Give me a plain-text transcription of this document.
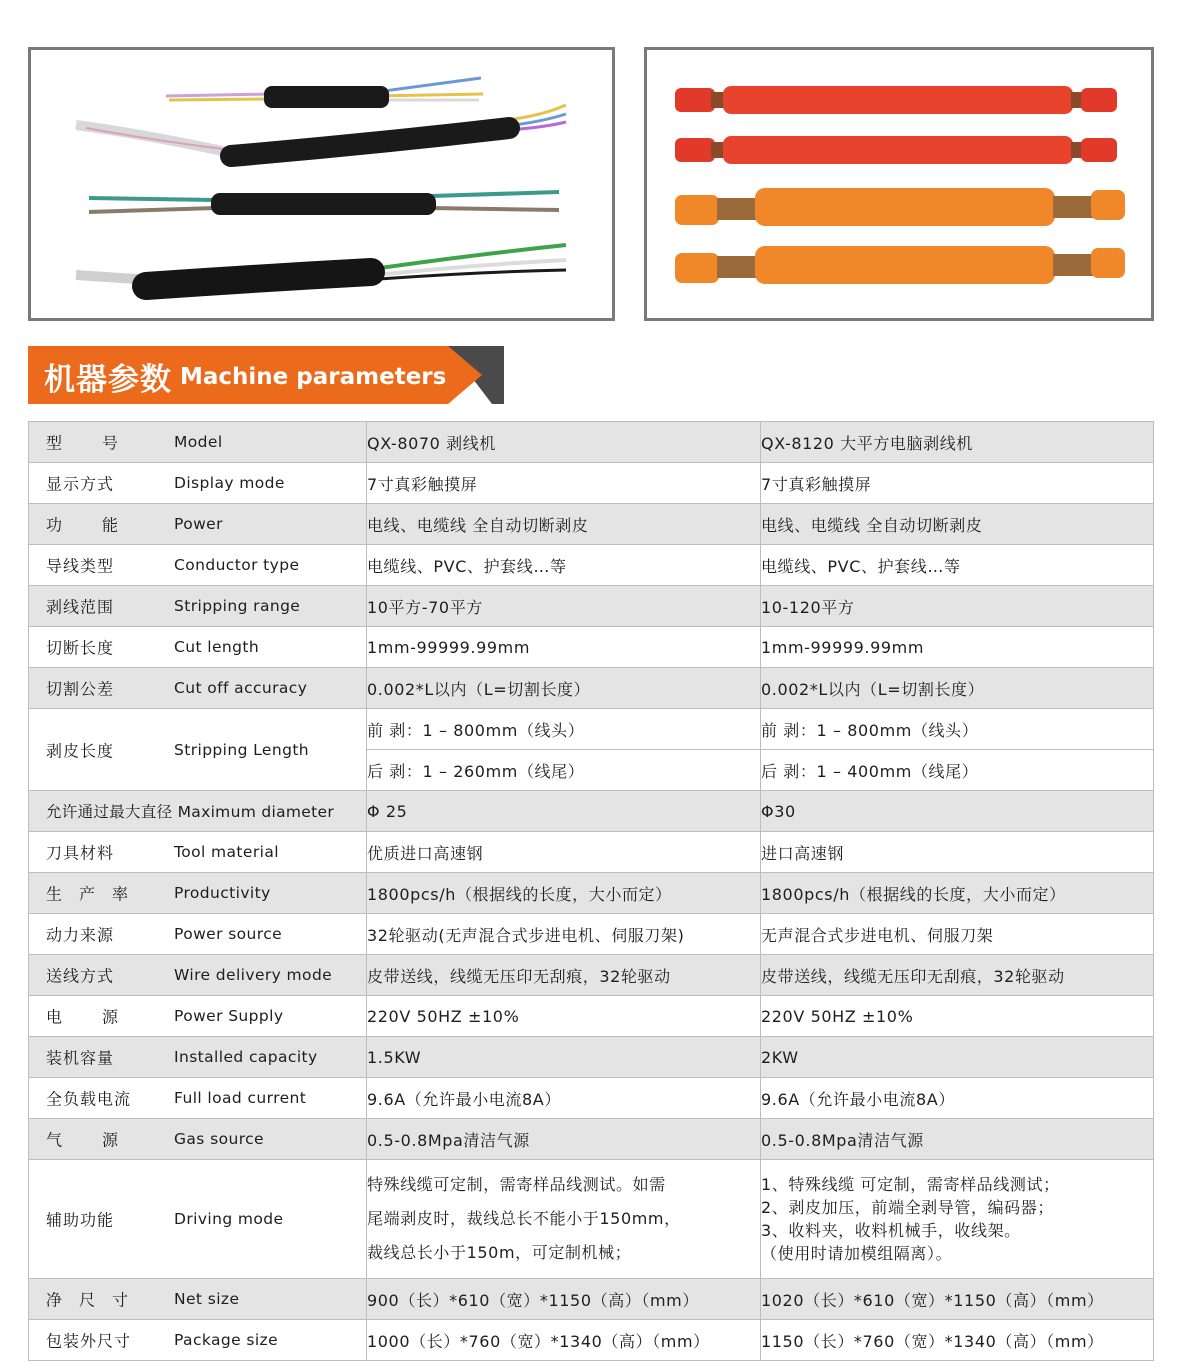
机器参数 Machine parameters
型号 Model	QX-8070 剥线机	QX-8120 大平方电脑剥线机

显示方式 Display mode	7寸真彩触摸屏	7寸真彩触摸屏

功能 Power	电线、电缆线 全自动切断剥皮	电线、电缆线 全自动切断剥皮

导线类型 Conductor type	电缆线、PVC、护套线…等	电缆线、PVC、护套线…等

剥线范围 Stripping range	10平方-70平方	10-120平方

切断长度 Cut length	1mm-99999.99mm	1mm-99999.99mm

切割公差 Cut off accuracy	0.002*L以内（L=切割长度）	0.002*L以内（L=切割长度）

剥皮长度 Stripping Length	前 剥：1 – 800mm（线头）	前 剥：1 – 800mm（线头）
	后 剥：1 – 260mm（线尾）	后 剥：1 – 400mm（线尾）

允许通过最大直径 Maximum diameter	Φ 25	Φ30

刀具材料 Tool material	优质进口高速钢	进口高速钢

生产率 Productivity	1800pcs/h（根据线的长度，大小而定）	1800pcs/h（根据线的长度，大小而定）

动力来源 Power source	32轮驱动(无声混合式步进电机、伺服刀架)	无声混合式步进电机、伺服刀架

送线方式 Wire delivery mode	皮带送线，线缆无压印无刮痕，32轮驱动	皮带送线，线缆无压印无刮痕，32轮驱动

电源 Power Supply	220V 50HZ ±10%	220V 50HZ ±10%

装机容量 Installed capacity	1.5KW	2KW

全负载电流 Full load current	9.6A（允许最小电流8A）	9.6A（允许最小电流8A）

气源 Gas source	0.5-0.8Mpa清洁气源	0.5-0.8Mpa清洁气源

辅助功能 Driving mode	特殊线缆可定制，需寄样品线测试。如需
尾端剥皮时，裁线总长不能小于150mm，
裁线总长小于150m，可定制机械；	1、特殊线缆 可定制，需寄样品线测试；
2、剥皮加压，前端全剥导管，编码器；
3、收料夹，收料机械手，收线架。
（使用时请加模组隔离）。

净尺寸 Net size	900（长）*610（宽）*1150（高）（mm）	1020（长）*610（宽）*1150（高）（mm）

包装外尺寸 Package size	1000（长）*760（宽）*1340（高）（mm）	1150（长）*760（宽）*1340（高）（mm）
